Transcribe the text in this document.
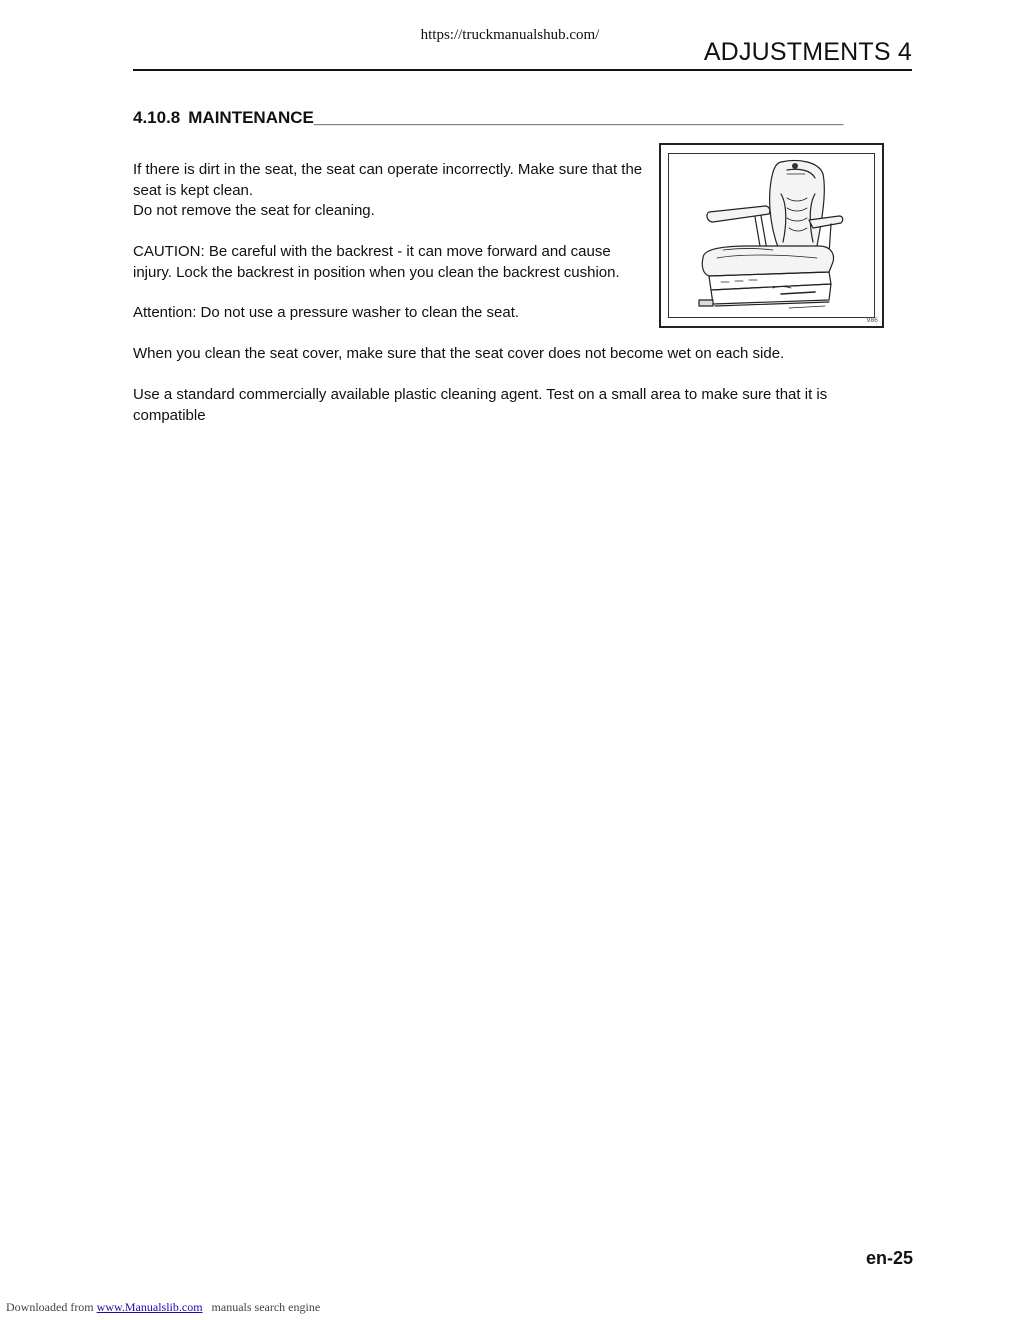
https://truckmanualshub.com/
ADJUSTMENTS 4
4.10.8 MAINTENANCE________________________________________________________

If there is dirt in the seat, the seat can operate incorrectly. Make sure that the seat is kept clean.

Do not remove the seat for cleaning.

CAUTION: Be careful with the backrest - it can move forward and cause injury. Lock the backrest in position when you clean the backrest cushion.

Attention: Do not use a pressure washer to clean the seat.

When you clean the seat cover, make sure that the seat cover does not become wet on each side.

Use a standard commercially available plastic cleaning agent. Test on a small area to make sure that it is compatible

986
en-25
Downloaded from www.Manualslib.com manuals search engine
